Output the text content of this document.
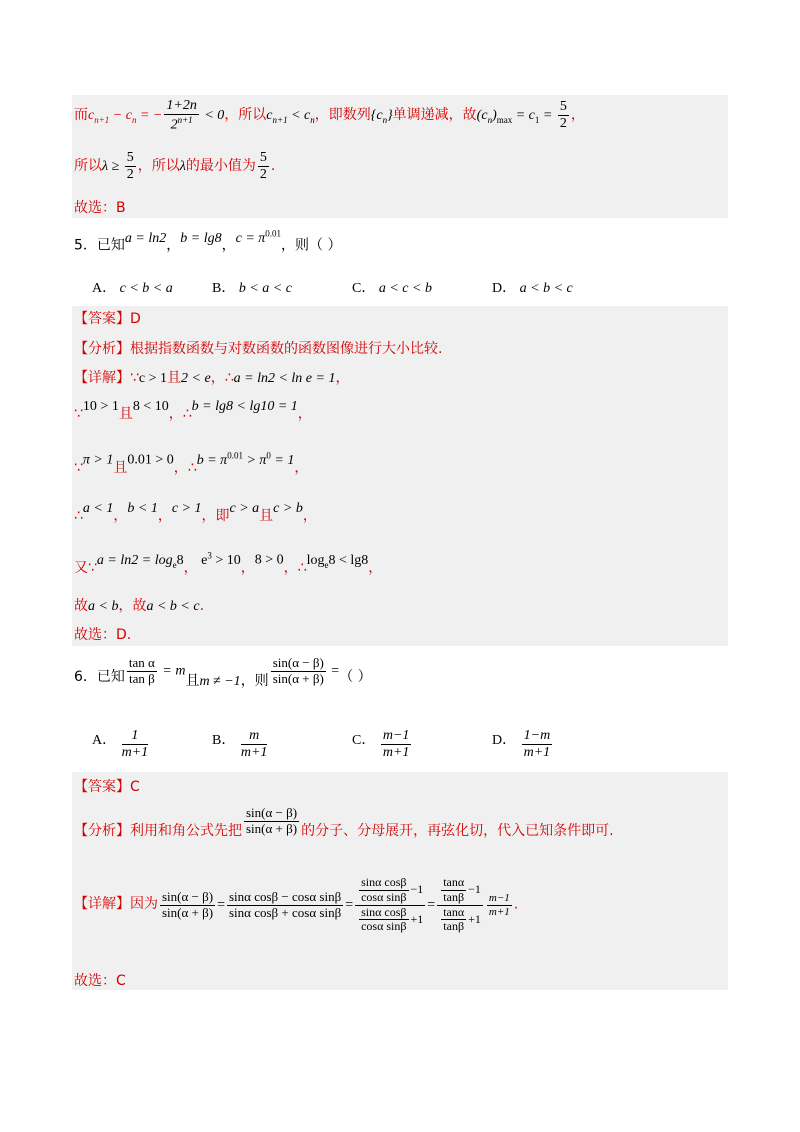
而$c_{n+1} - c_n$ = − $\frac{1+2n}{2^{n+1}} < 0$，所以$c_{n+1} < c_n$，即数列$\{c_n\}$单调递减，故$(c_n)_{max} = c_1 = \frac{5}{2}$ ，
所以$\lambda \ge \frac{5}{2}$ ，所以λ的最小值为 $\frac{5}{2}$ .
故选：B
5．已知a = ln2，b = lg8，$c = \pi^{0.01}$，则（ ）
A． c < b < a	B． b < a < c	C． a < c < b	D． a < b < c
【答案】D
【分析】根据指数函数与对数函数的函数图像进行大小比较.
【详解】∵c > 1且2 < e，∴a = ln2 < ln e = 1，
∵10 > 1且8 < 10，∴b = lg8 < lg10 = 1，
∵π > 1且0.01 > 0，∴b = $\pi^{0.01} > \pi^0 = 1$，
∴a < 1，b < 1，c > 1，即c > a且c > b，
又∵a = $\ln 2 = \log_e8$， $e^3 > 10$，8 > 0，$\therefore\log_e8 < \lg 8$，
故a < b，故a < b < c.
故选：D.
6．已知 $\frac{\text{tan α}}{\text{tan β}} = m$且m ≠ −1，则 $\frac{\sin(\alpha - \beta)}{\sin(\alpha + \beta)}$ =（ ）
A． $\frac{1}{m+1}$	B． $\frac{m}{m+1}$	C． $\frac{m-1}{m+1}$	D． $\frac{1-m}{m+1}$
【答案】C
【分析】利用和角公式先把 $\frac{\sin(\alpha - \beta)}{\sin(\alpha + \beta)}$ 的分子、分母展开，再弦化切，代入已知条件即可.
【详解】因为 $\frac{\sin(\alpha - \beta)}{\sin(\alpha + \beta)} = \frac{\text{sinα cosβ − cosα sinβ}}{\text{sinα cosβ + cosα sinβ}} = \frac{\frac{\text{sinα cosβ}}{\text{cosα sinβ}} -1}{\frac{\text{sinα cosβ}}{\text{cosα sinβ}} +1} = \frac{\frac{\tan\alpha}{\tan\beta} -1}{\frac{\tan\alpha}{\tan\beta} +1} \frac{m-1}{m+1}$ .
故选：C
